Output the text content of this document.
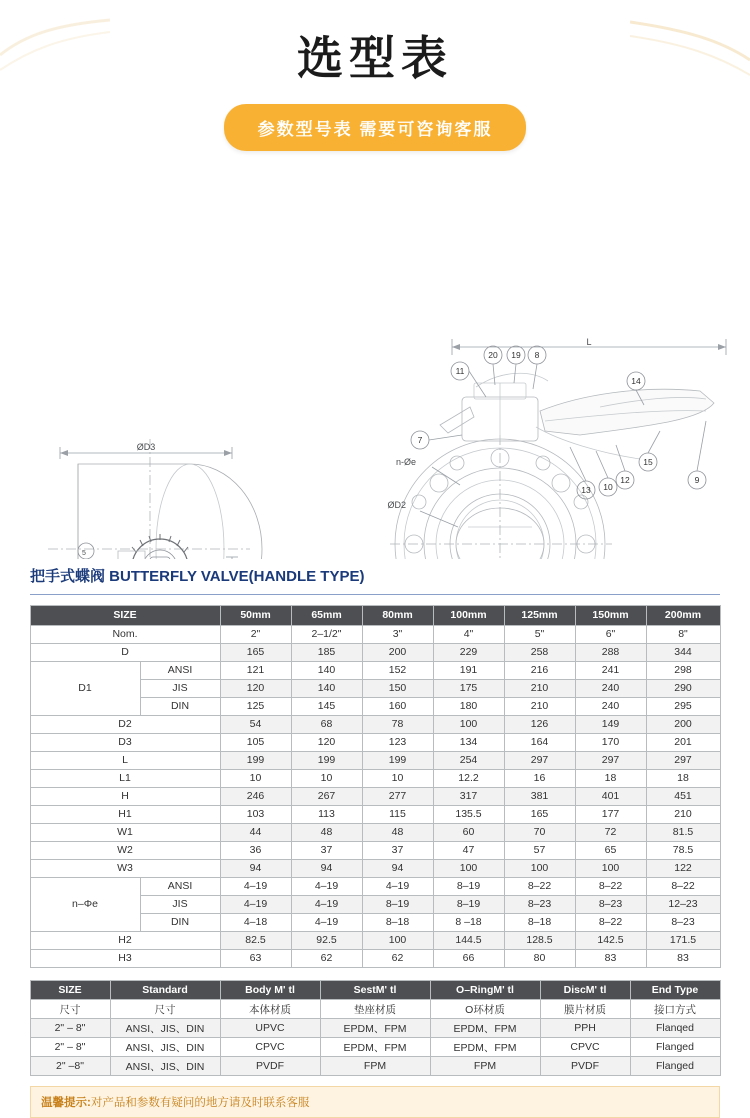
选型表
参数型号表 需要可咨询客服
ØD3
L
n-Øe
ØD2
5
20 19 8
11
14
7
15
12	9
13 10
把手式蝶阀 BUTTERFLY VALVE(HANDLE TYPE)
SIZE		50mm	65mm	80mm	100mm	125mm	150mm	200mm
Nom.		2"	2–1/2"	3"	4"	5"	6"	8"
D		165	185	200	229	258	288	344
D1	ANSI	121	140	152	191	216	241	298
	JIS	120	140	150	175	210	240	290
	DIN	125	145	160	180	210	240	295
D2		54	68	78	100	126	149	200
D3		105	120	123	134	164	170	201
L		199	199	199	254	297	297	297
L1		10	10	10	12.2	16	18	18
H		246	267	277	317	381	401	451
H1		103	113	115	135.5	165	177	210
W1		44	48	48	60	70	72	81.5
W2		36	37	37	47	57	65	78.5
W3		94	94	94	100	100	100	122
n–Φe	ANSI	4–19	4–19	4–19	8–19	8–22	8–22	8–22
	JIS	4–19	4–19	8–19	8–19	8–23	8–23	12–23
	DIN	4–18	4–19	8–18	8 –18	8–18	8–22	8–23
H2		82.5	92.5	100	144.5	128.5	142.5	171.5
H3		63	62	62	66	80	83	83
SIZE	Standard	Body M' tl	SestM' tl	O–RingM' tl	DiscM' tl	End Type
尺寸	尺寸	本体材质	垫座材质	O环材质	膜片材质	接口方式
2" – 8"	ANSI、JIS、DIN	UPVC	EPDM、FPM	EPDM、FPM	PPH	Flanqed
2" – 8"	ANSI、JIS、DIN	CPVC	EPDM、FPM	EPDM、FPM	CPVC	Flanged
2" –8"	ANSI、JIS、DIN	PVDF	FPM	FPM	PVDF	Flanged
温馨提示:对产品和参数有疑问的地方请及时联系客服
